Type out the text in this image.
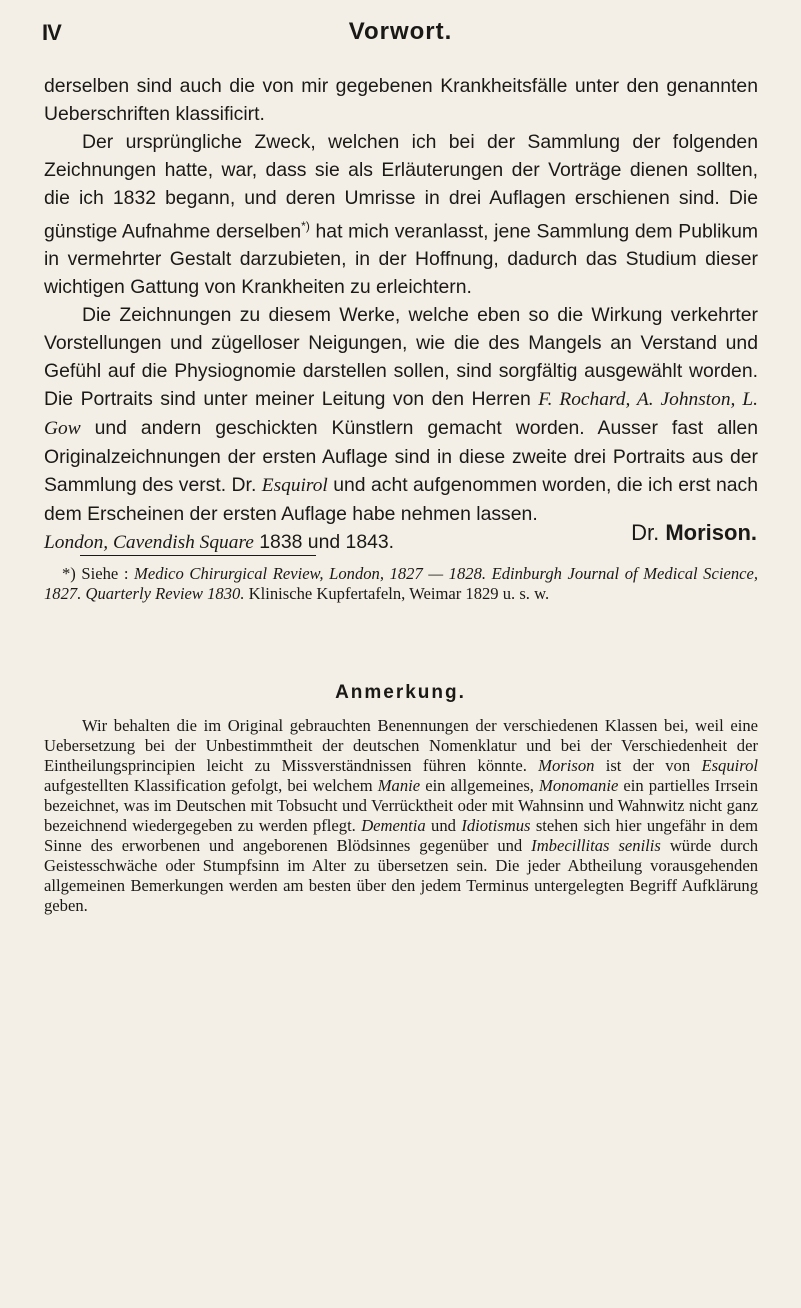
IV	Vorwort.

derselben sind auch die von mir gegebenen Krankheitsfälle unter den genannten Ueberschriften klassificirt.

Der ursprüngliche Zweck, welchen ich bei der Sammlung der folgenden Zeichnungen hatte, war, dass sie als Erläuterungen der Vorträge dienen sollten, die ich 1832 begann, und deren Umrisse in drei Auflagen erschienen sind. Die günstige Aufnahme derselben*) hat mich veranlasst, jene Sammlung dem Publikum in vermehrter Gestalt darzubieten, in der Hoffnung, dadurch das Studium dieser wichtigen Gattung von Krankheiten zu erleichtern.

Die Zeichnungen zu diesem Werke, welche eben so die Wirkung verkehrter Vorstellungen und zügelloser Neigungen, wie die des Mangels an Verstand und Gefühl auf die Physiognomie darstellen sollen, sind sorgfältig ausgewählt worden. Die Portraits sind unter meiner Leitung von den Herren F. Rochard, A. Johnston, L. Gow und andern geschickten Künstlern gemacht worden. Ausser fast allen Originalzeichnungen der ersten Auflage sind in diese zweite drei Portraits aus der Sammlung des verst. Dr. Esquirol und acht aufgenommen worden, die ich erst nach dem Erscheinen der ersten Auflage habe nehmen lassen.

London, Cavendish Square 1838 und 1843.	Dr. Morison.
*) Siehe : Medico Chirurgical Review, London, 1827 — 1828. Edinburgh Journal of Medical Science, 1827. Quarterly Review 1830. Klinische Kupfertafeln, Weimar 1829 u. s. w.
Anmerkung.
Wir behalten die im Original gebrauchten Benennungen der verschiedenen Klassen bei, weil eine Uebersetzung bei der Unbestimmtheit der deutschen Nomenklatur und bei der Verschiedenheit der Eintheilungsprincipien leicht zu Missverständnissen führen könnte. Morison ist der von Esquirol aufgestellten Klassification gefolgt, bei welchem Manie ein allgemeines, Monomanie ein partielles Irrsein bezeichnet, was im Deutschen mit Tobsucht und Verrücktheit oder mit Wahnsinn und Wahnwitz nicht ganz bezeichnend wiedergegeben zu werden pflegt. Dementia und Idiotismus stehen sich hier ungefähr in dem Sinne des erworbenen und angeborenen Blödsinnes gegenüber und Imbecillitas senilis würde durch Geistesschwäche oder Stumpfsinn im Alter zu übersetzen sein. Die jeder Abtheilung vorausgehenden allgemeinen Bemerkungen werden am besten über den jedem Terminus untergelegten Begriff Aufklärung geben.
